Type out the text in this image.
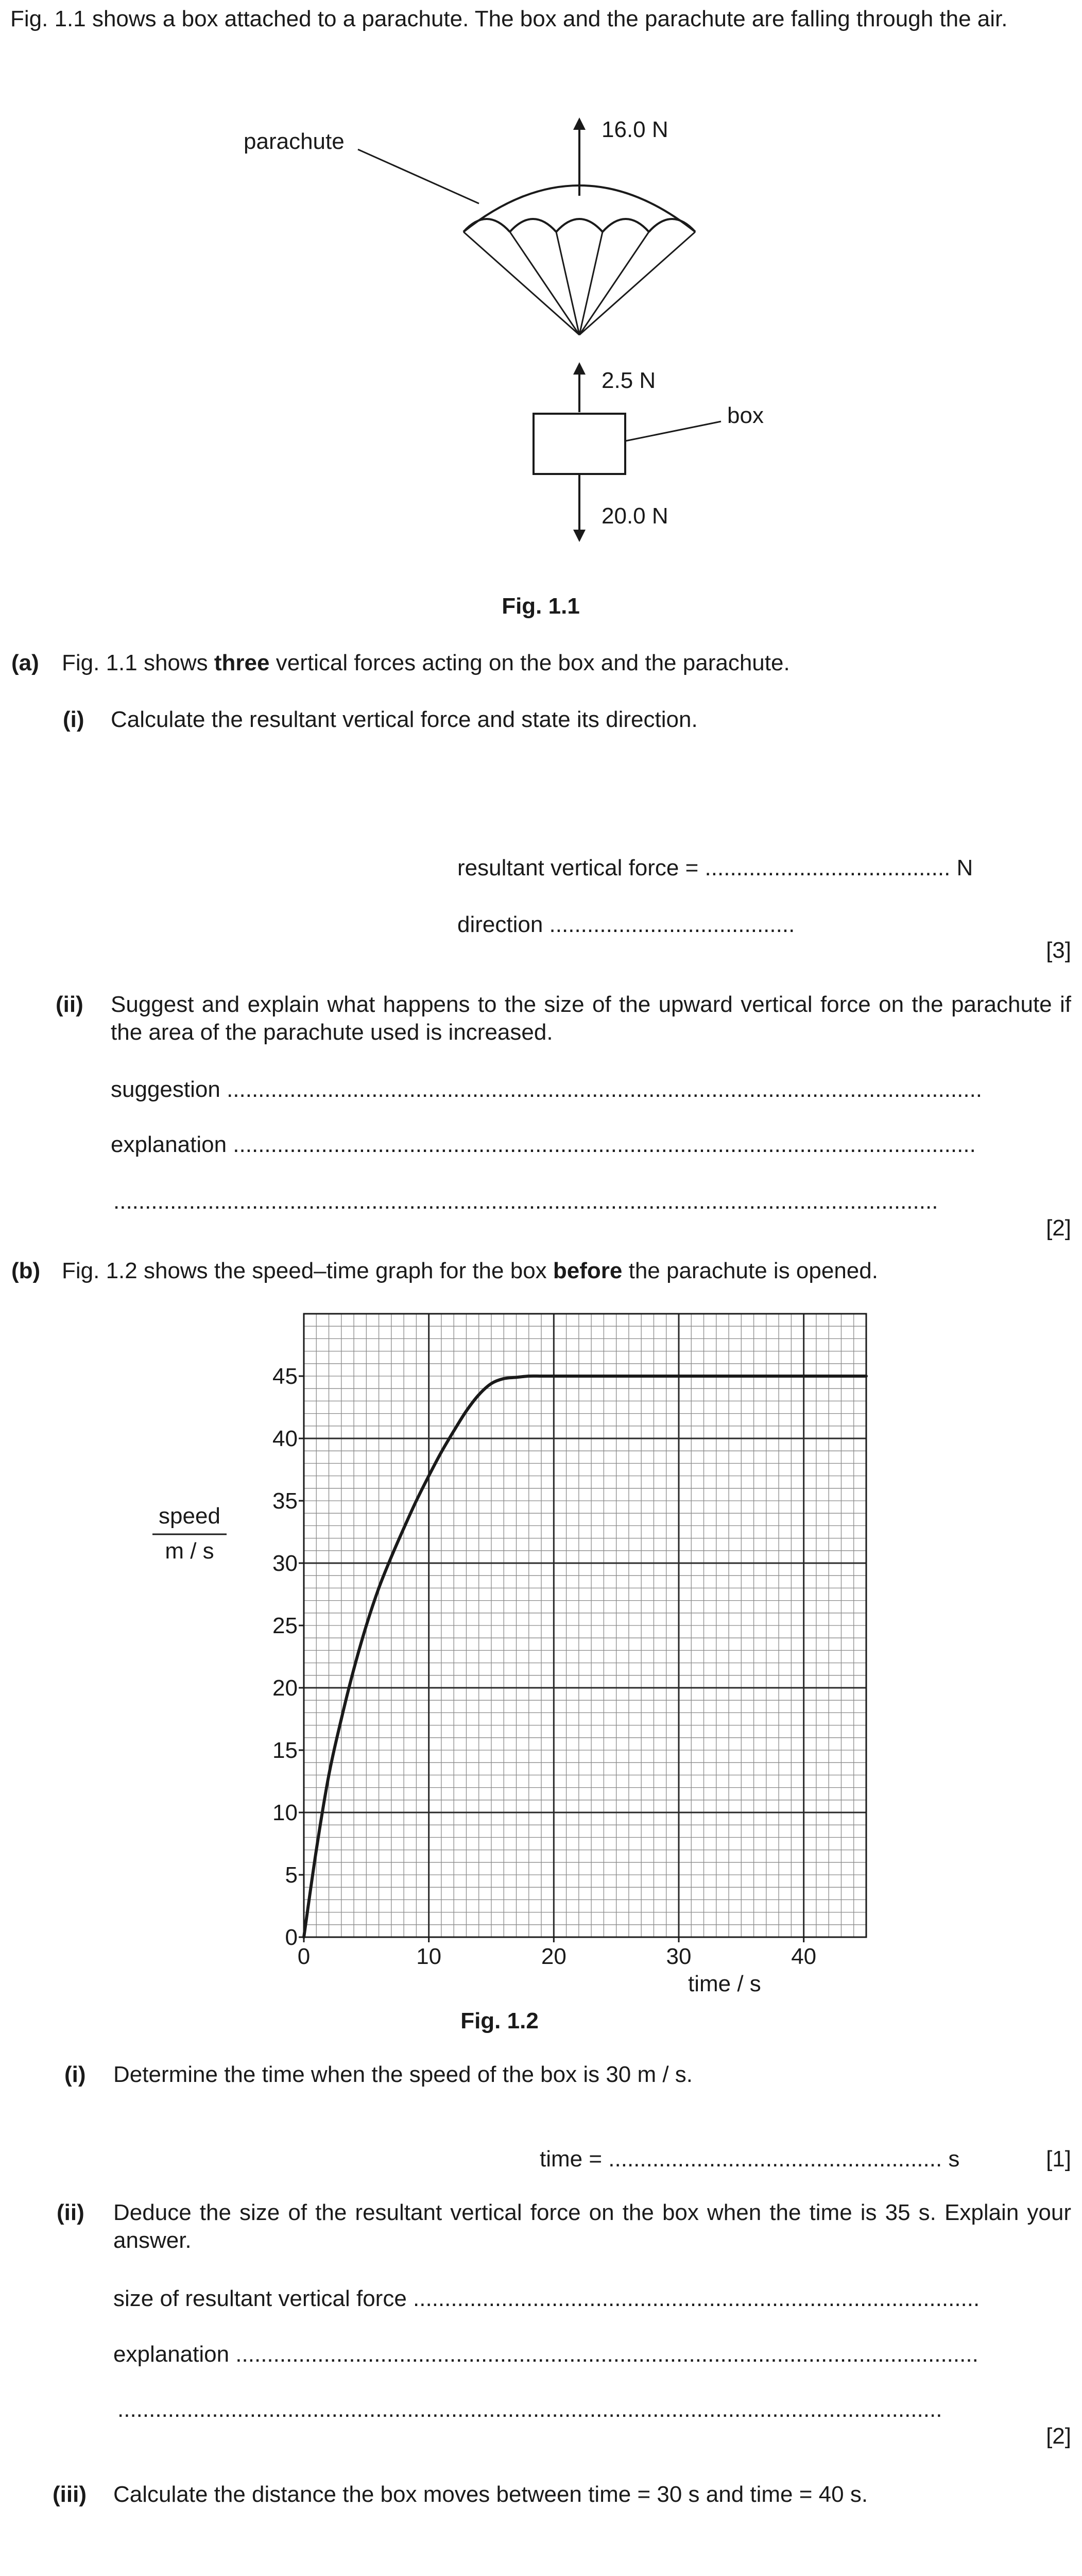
Fig. 1.1 shows a box attached to a parachute. The box and the parachute are falling through the air.
parachute	16.0 N
2.5 N
box
20.0 N
Fig. 1.1
(a) Fig. 1.1 shows three vertical forces acting on the box and the parachute.
(i) Calculate the resultant vertical force and state its direction.
resultant vertical force = ....................................... N
direction .......................................
[3]
(ii) Suggest and explain what happens to the size of the upward vertical force on the parachute if the area of the parachute used is increased.
suggestion ........................................................................................................................
explanation ......................................................................................................................
...................................................................................................................................
[2]
(b) Fig. 1.2 shows the speed–time graph for the box before the parachute is opened.
0
5
10
15
20
25
30
35
40
45
0	10	20	30	40
speed
m / s
time / s
Fig. 1.2
(i) Determine the time when the speed of the box is 30 m / s.
time = ..................................................... s	[1]
(ii) Deduce the size of the resultant vertical force on the box when the time is 35 s. Explain your answer.
size of resultant vertical force ..........................................................................................
explanation ......................................................................................................................
...................................................................................................................................
[2]
(iii) Calculate the distance the box moves between time = 30 s and time = 40 s.
